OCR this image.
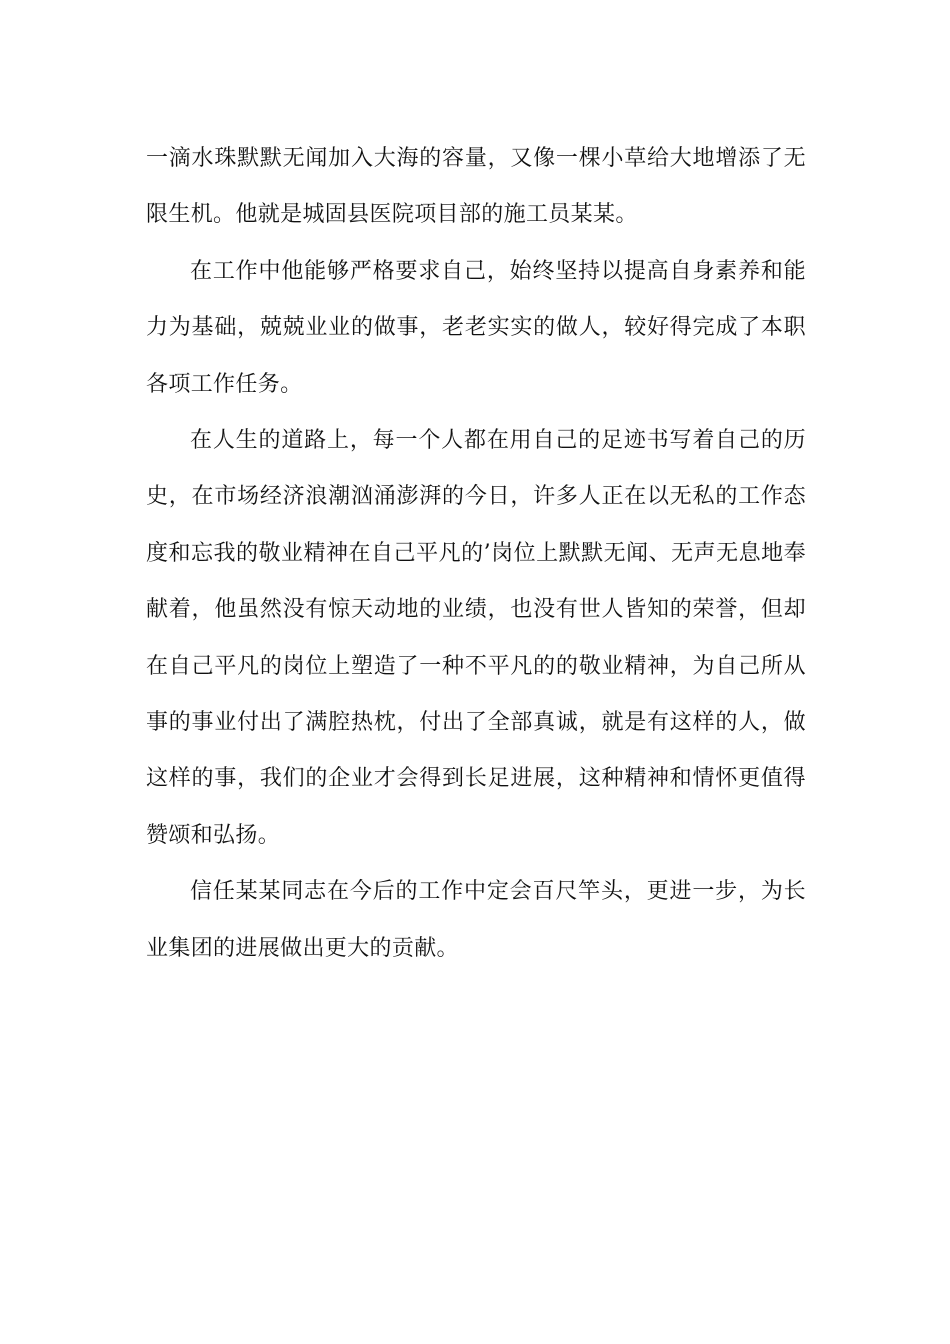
一滴水珠默默无闻加入大海的容量，又像一棵小草给大地增添了无
限生机。他就是城固县医院项目部的施工员某某。

在工作中他能够严格要求自己，始终坚持以提高自身素养和能
力为基础，兢兢业业的做事，老老实实的做人，较好得完成了本职
各项工作任务。

在人生的道路上，每一个人都在用自己的足迹书写着自己的历
史，在市场经济浪潮汹涌澎湃的今日，许多人正在以无私的工作态
度和忘我的敬业精神在自己平凡的’岗位上默默无闻、无声无息地奉
献着，他虽然没有惊天动地的业绩，也没有世人皆知的荣誉，但却
在自己平凡的岗位上塑造了一种不平凡的的敬业精神，为自己所从
事的事业付出了满腔热枕，付出了全部真诚，就是有这样的人，做
这样的事，我们的企业才会得到长足进展，这种精神和情怀更值得
赞颂和弘扬。

信任某某同志在今后的工作中定会百尺竿头，更进一步，为长
业集团的进展做出更大的贡献。
